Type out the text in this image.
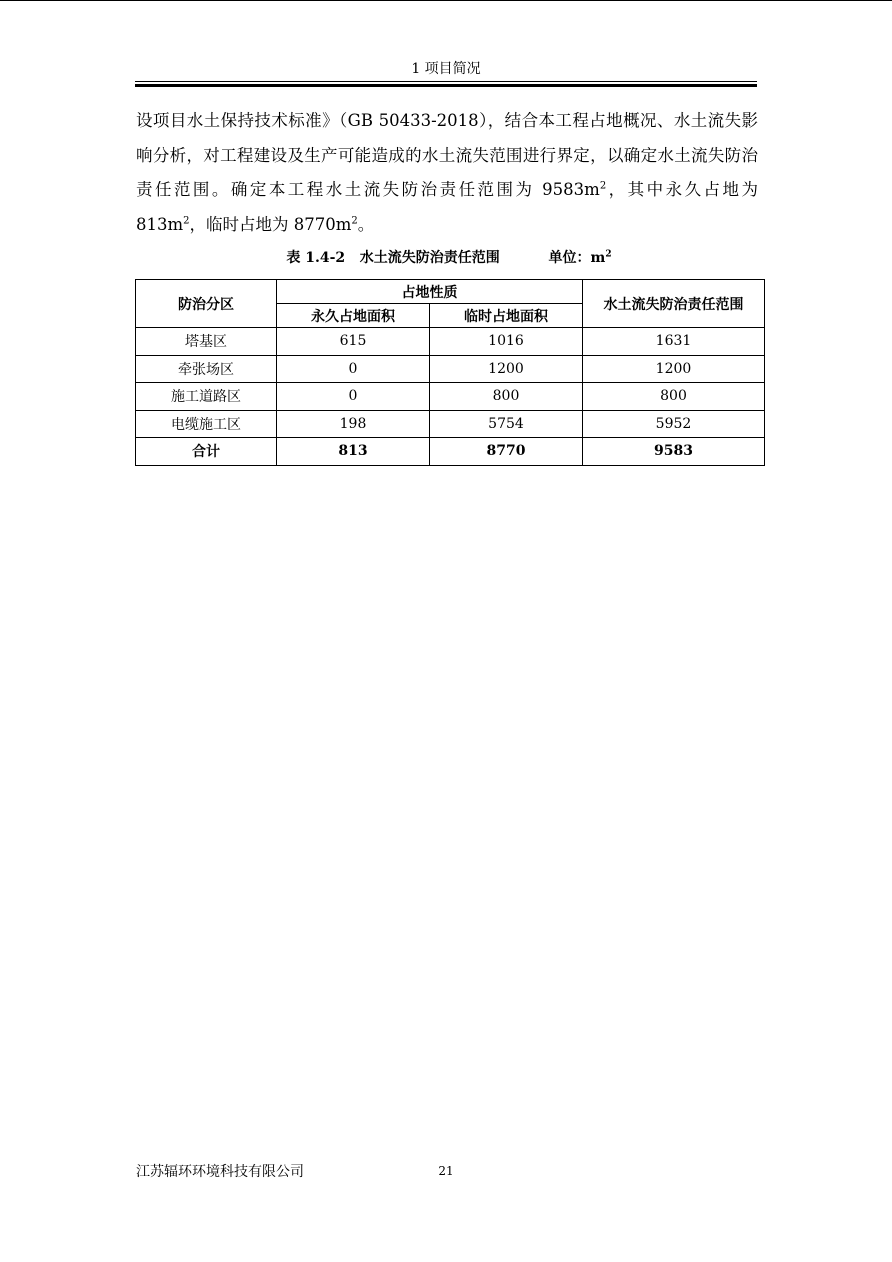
1 项目简况

设项目水土保持技术标准》（GB 50433-2018），结合本工程占地概况、水土流失影响分析，对工程建设及生产可能造成的水土流失范围进行界定，以确定水土流失防治责任范围。确定本工程水土流失防治责任范围为 $9583m^2$，其中永久占地为 $813m^2$，临时占地为 $8770m^2$。

表 1.4-2   水土流失防治责任范围          单位：$m^2$
防治分区	占地性质		水土流失防治责任范围
	永久占地面积	临时占地面积	
塔基区	615	1016	1631
牵张场区	0	1200	1200
施工道路区	0	800	800
电缆施工区	198	5754	5952
合计	813	8770	9583
江苏辐环环境科技有限公司	21
